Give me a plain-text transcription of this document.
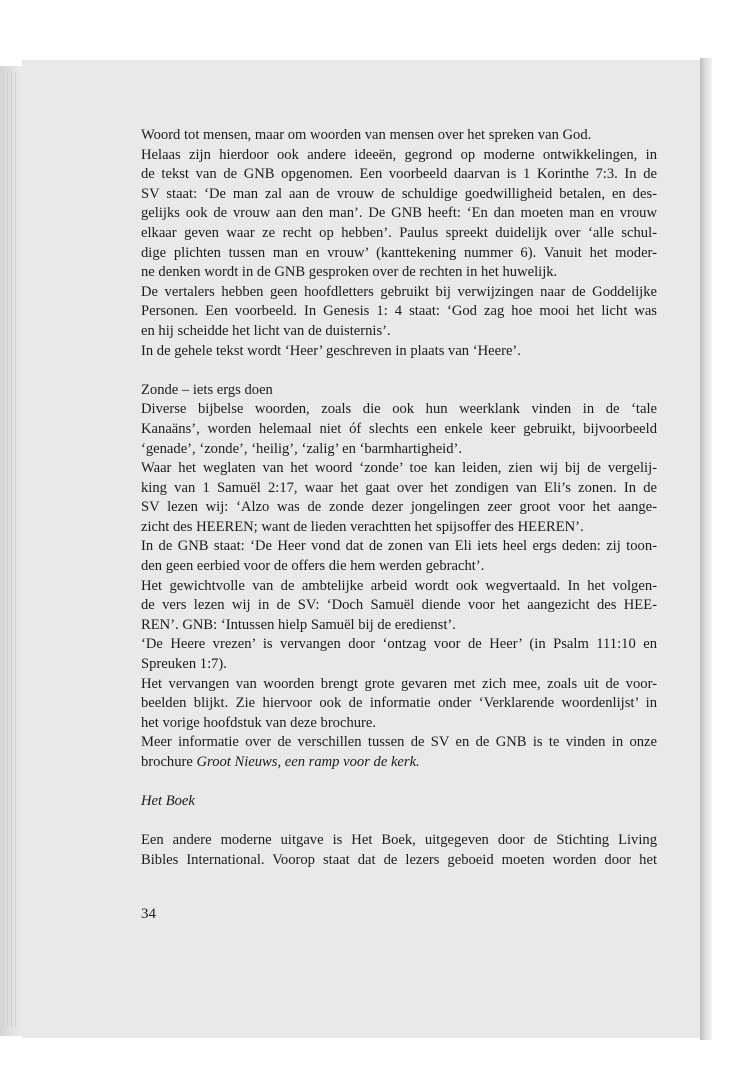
Woord tot mensen, maar om woorden van mensen over het spreken van God.

Helaas zijn hierdoor ook andere ideeën, gegrond op moderne ontwikkelingen, in
de tekst van de GNB opgenomen. Een voorbeeld daarvan is 1 Korinthe 7:3. In de
SV staat: ‘De man zal aan de vrouw de schuldige goedwilligheid betalen, en des-
gelijks ook de vrouw aan den man’. De GNB heeft: ‘En dan moeten man en vrouw
elkaar geven waar ze recht op hebben’. Paulus spreekt duidelijk over ‘alle schul-
dige plichten tussen man en vrouw’ (kanttekening nummer 6). Vanuit het moder-
ne denken wordt in de GNB gesproken over de rechten in het huwelijk.

De vertalers hebben geen hoofdletters gebruikt bij verwijzingen naar de Goddelijke
Personen. Een voorbeeld. In Genesis 1: 4 staat: ‘God zag hoe mooi het licht was
en hij scheidde het licht van de duisternis’.

In de gehele tekst wordt ‘Heer’ geschreven in plaats van ‘Heere’.

Zonde – iets ergs doen

Diverse bijbelse woorden, zoals die ook hun weerklank vinden in de ‘tale
Kanaäns’, worden helemaal niet óf slechts een enkele keer gebruikt, bijvoorbeeld
‘genade’, ‘zonde’, ‘heilig’, ‘zalig’ en ‘barmhartigheid’.

Waar het weglaten van het woord ‘zonde’ toe kan leiden, zien wij bij de vergelij-
king van 1 Samuël 2:17, waar het gaat over het zondigen van Eli’s zonen. In de
SV lezen wij: ‘Alzo was de zonde dezer jongelingen zeer groot voor het aange-
zicht des HEEREN; want de lieden verachtten het spijsoffer des HEEREN’.

In de GNB staat: ‘De Heer vond dat de zonen van Eli iets heel ergs deden: zij toon-
den geen eerbied voor de offers die hem werden gebracht’.

Het gewichtvolle van de ambtelijke arbeid wordt ook wegvertaald. In het volgen-
de vers lezen wij in de SV: ‘Doch Samuël diende voor het aangezicht des HEE-
REN’. GNB: ‘Intussen hielp Samuël bij de eredienst’.

‘De Heere vrezen’ is vervangen door ‘ontzag voor de Heer’ (in Psalm 111:10 en
Spreuken 1:7).

Het vervangen van woorden brengt grote gevaren met zich mee, zoals uit de voor-
beelden blijkt. Zie hiervoor ook de informatie onder ‘Verklarende woordenlijst’ in
het vorige hoofdstuk van deze brochure.

Meer informatie over de verschillen tussen de SV en de GNB is te vinden in onze
brochure Groot Nieuws, een ramp voor de kerk.

Het Boek

Een andere moderne uitgave is Het Boek, uitgegeven door de Stichting Living
Bibles International. Voorop staat dat de lezers geboeid moeten worden door het

34
